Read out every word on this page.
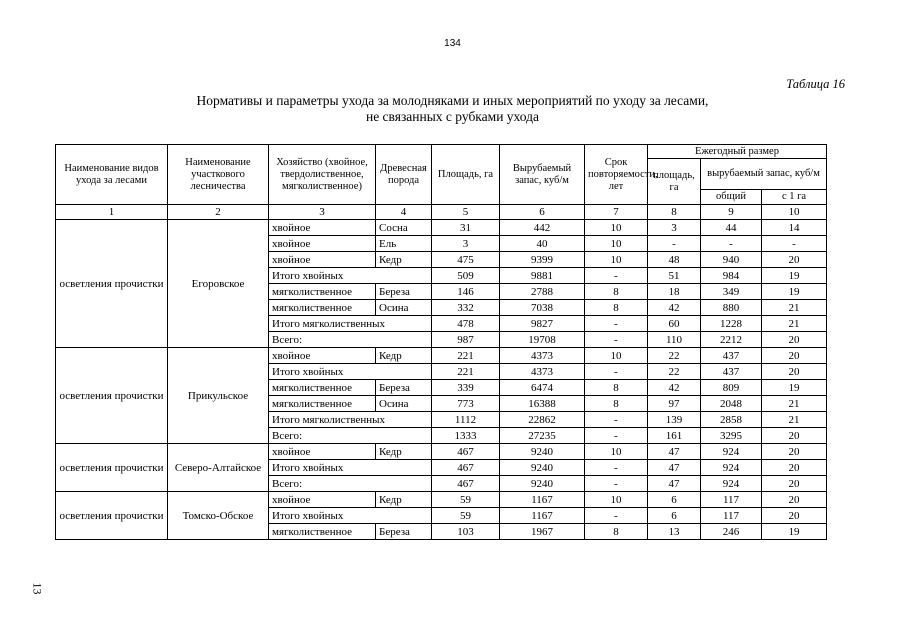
134
Таблица 16
Нормативы и параметры ухода за молодняками и иных мероприятий по уходу за лесами,
не связанных с рубками ухода
13
Наименование видов ухода за лесами	Наименование участкового лесничества	Хозяйство (хвойное, твердолиственное, мягколиственное)	Древесная порода	Площадь, га	Вырубаемый запас, куб/м	Срок повторяемости, лет	Ежегодный размер		
							площадь, га	вырубаемый запас, куб/м	
								общий	с 1 га
1	2	3	4	5	6	7	8	9	10
осветления прочистки	Егоровское	хвойное	Сосна	31	442	10	3	44	14
		хвойное	Ель	3	40	10	-	-	-
		хвойное	Кедр	475	9399	10	48	940	20
		Итого хвойных		509	9881	-	51	984	19
		мягколиственное	Береза	146	2788	8	18	349	19
		мягколиственное	Осина	332	7038	8	42	880	21
		Итого мягколиственных		478	9827	-	60	1228	21
		Всего:		987	19708	-	110	2212	20
осветления прочистки	Прикульское	хвойное	Кедр	221	4373	10	22	437	20
		Итого хвойных		221	4373	-	22	437	20
		мягколиственное	Береза	339	6474	8	42	809	19
		мягколиственное	Осина	773	16388	8	97	2048	21
		Итого мягколиственных		1112	22862	-	139	2858	21
		Всего:		1333	27235	-	161	3295	20
осветления прочистки	Северо-Алтайское	хвойное	Кедр	467	9240	10	47	924	20
		Итого хвойных		467	9240	-	47	924	20
		Всего:		467	9240	-	47	924	20
осветления прочистки	Томско-Обское	хвойное	Кедр	59	1167	10	6	117	20
		Итого хвойных		59	1167	-	6	117	20
		мягколиственное	Береза	103	1967	8	13	246	19
